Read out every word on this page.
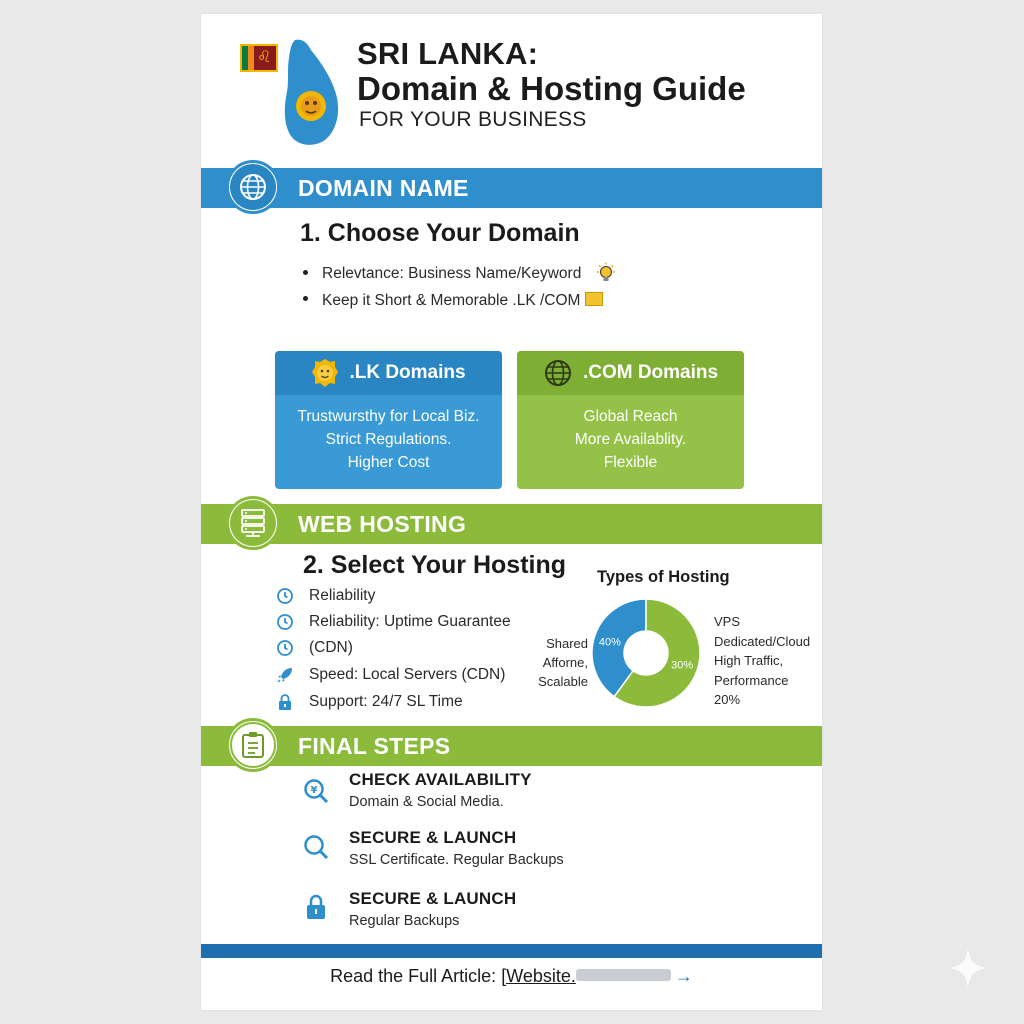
♌	SRI LANKA:
Domain & Hosting Guide
FOR YOUR BUSINESS
DOMAIN NAME
1. Choose Your Domain
Relevtance: Business Name/Keyword
Keep it Short & Memorable .LK /COM
.LK Domains
Trustwursthy for Local Biz.
Strict Regulations.
Higher Cost
.COM Domains
Global Reach
More Availablity.
Flexible
WEB HOSTING
2. Select Your Hosting
Reliability
Reliability: Uptime Guarantee
(CDN)
Speed: Local Servers (CDN)
Support: 24/7 SL Time
Types of Hosting
Shared
Afforne,
Scalable
40%
30%
VPS
Dedicated/Cloud
High Traffic,
Performance
20%
FINAL STEPS
¥
CHECK AVAILABILITY
Domain & Social Media.
SECURE & LAUNCH
SSL Certificate. Regular Backups
SECURE & LAUNCH
Regular Backups
Read the Full Article: [Website.	→
